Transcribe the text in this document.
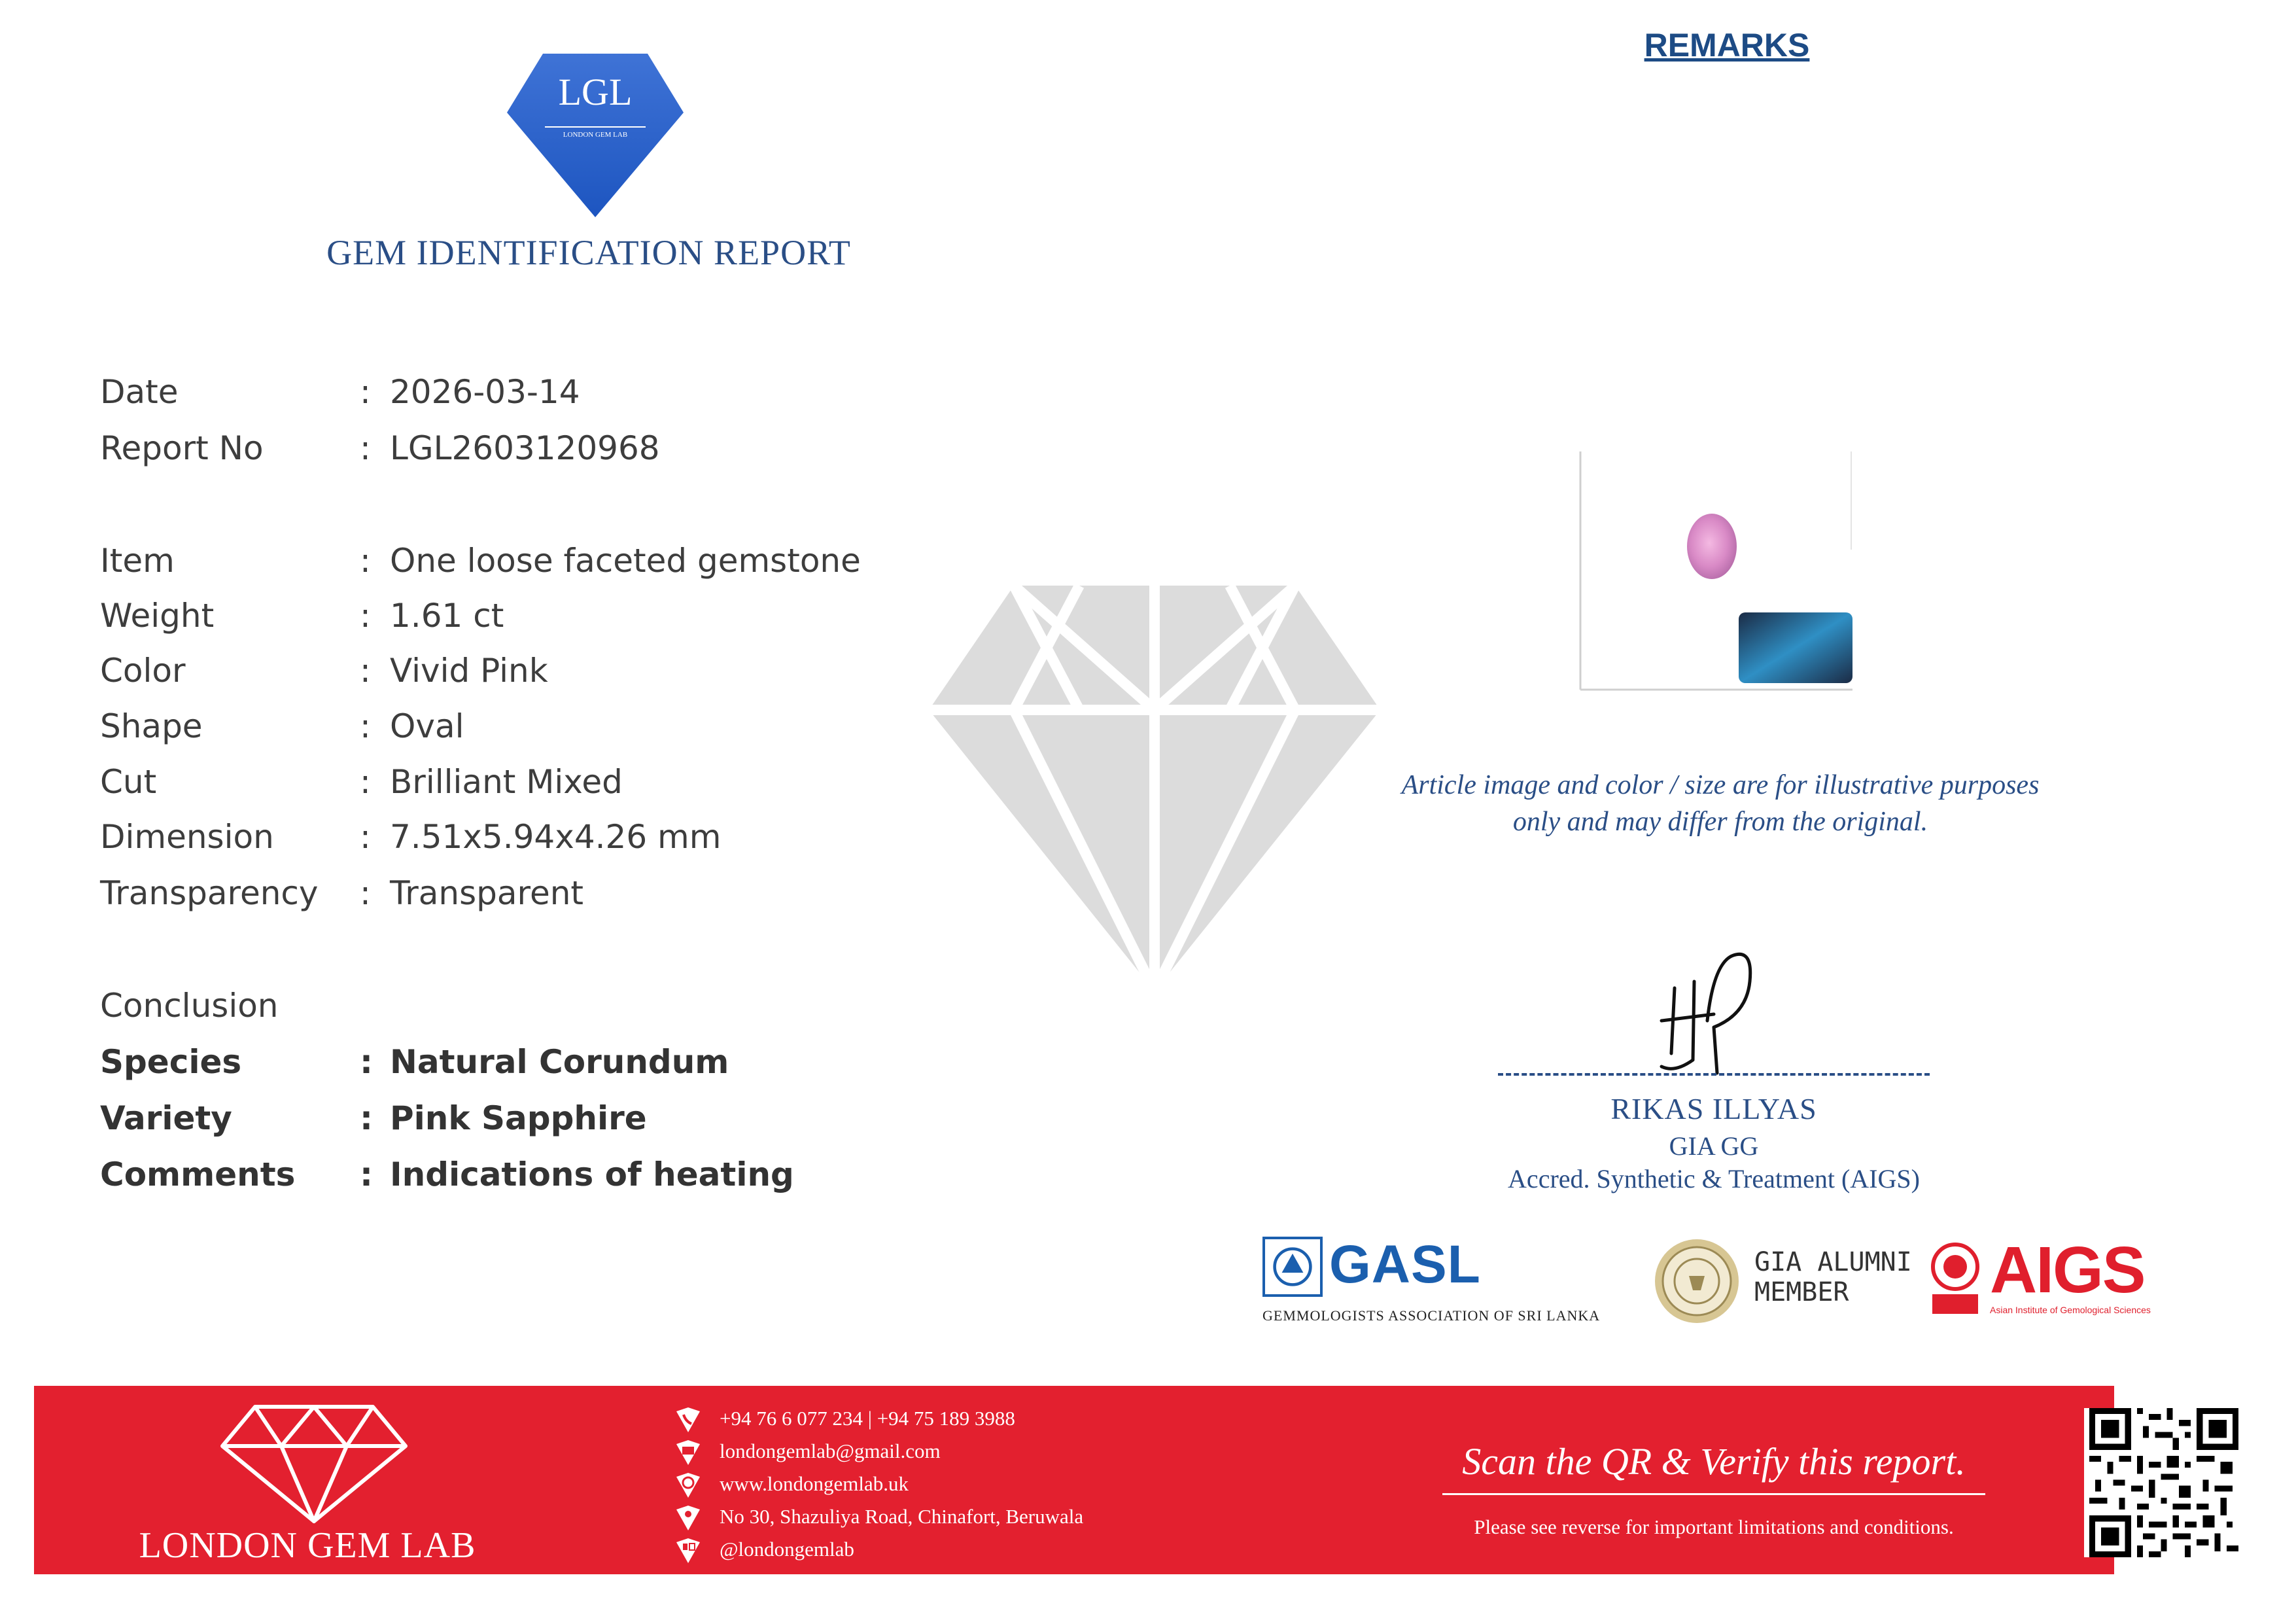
LGL
LONDON GEM LAB
GEM IDENTIFICATION REPORT
REMARKS
Date	: 2026-03-14
Report No	: LGL2603120968
Item	: One loose faceted gemstone
Weight	: 1.61 ct
Color	: Vivid Pink
Shape	: Oval
Cut	: Brilliant Mixed
Dimension	: 7.51x5.94x4.26 mm
Transparency : Transparent
Conclusion
Species	: Natural Corundum
Variety	: Pink Sapphire
Comments : Indications of heating
Article image and color / size are for illustrative purposes
only and may differ from the original.
RIKAS ILLYAS
GIA GG
Accred. Synthetic & Treatment (AIGS)
GASL
GEMMOLOGISTS ASSOCIATION OF SRI LANKA
GIA ALUMNI
MEMBER	AIGS
Asian Institute of Gemological Sciences
LONDON GEM LAB
+94 76 6 077 234 | +94 75 189 3988
londongemlab@gmail.com
www.londongemlab.uk
No 30, Shazuliya Road, Chinafort, Beruwala
@londongemlab
Scan the QR & Verify this report.
Please see reverse for important limitations and conditions.
